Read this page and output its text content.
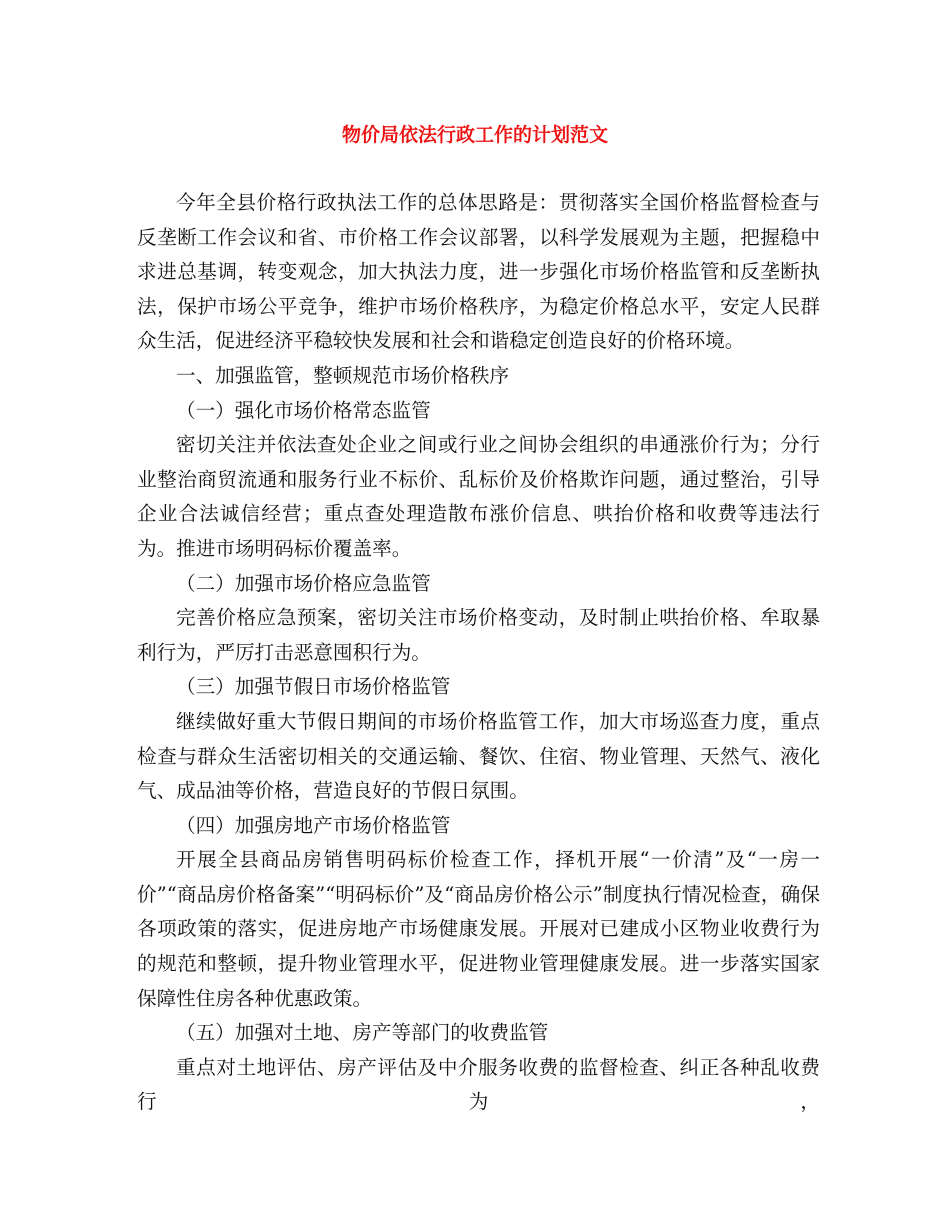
物价局依法行政工作的计划范文

今年全县价格行政执法工作的总体思路是：贯彻落实全国价格监督检查与反垄断工作会议和省、市价格工作会议部署，以科学发展观为主题，把握稳中求进总基调，转变观念，加大执法力度，进一步强化市场价格监管和反垄断执法，保护市场公平竞争，维护市场价格秩序，为稳定价格总水平，安定人民群众生活，促进经济平稳较快发展和社会和谐稳定创造良好的价格环境。

一、加强监管，整顿规范市场价格秩序

（一）强化市场价格常态监管

密切关注并依法查处企业之间或行业之间协会组织的串通涨价行为；分行业整治商贸流通和服务行业不标价、乱标价及价格欺诈问题，通过整治，引导企业合法诚信经营；重点查处理造散布涨价信息、哄抬价格和收费等违法行为。推进市场明码标价覆盖率。

（二）加强市场价格应急监管

完善价格应急预案，密切关注市场价格变动，及时制止哄抬价格、牟取暴利行为，严厉打击恶意囤积行为。

（三）加强节假日市场价格监管

继续做好重大节假日期间的市场价格监管工作，加大市场巡查力度，重点检查与群众生活密切相关的交通运输、餐饮、住宿、物业管理、天然气、液化气、成品油等价格，营造良好的节假日氛围。

（四）加强房地产市场价格监管

开展全县商品房销售明码标价检查工作，择机开展“一价清”及“一房一价”“商品房价格备案”“明码标价”及“商品房价格公示”制度执行情况检查，确保各项政策的落实，促进房地产市场健康发展。开展对已建成小区物业收费行为的规范和整顿，提升物业管理水平，促进物业管理健康发展。进一步落实国家保障性住房各种优惠政策。

（五）加强对土地、房产等部门的收费监管

重点对土地评估、房产评估及中介服务收费的监督检查、纠正各种乱收费行为，
